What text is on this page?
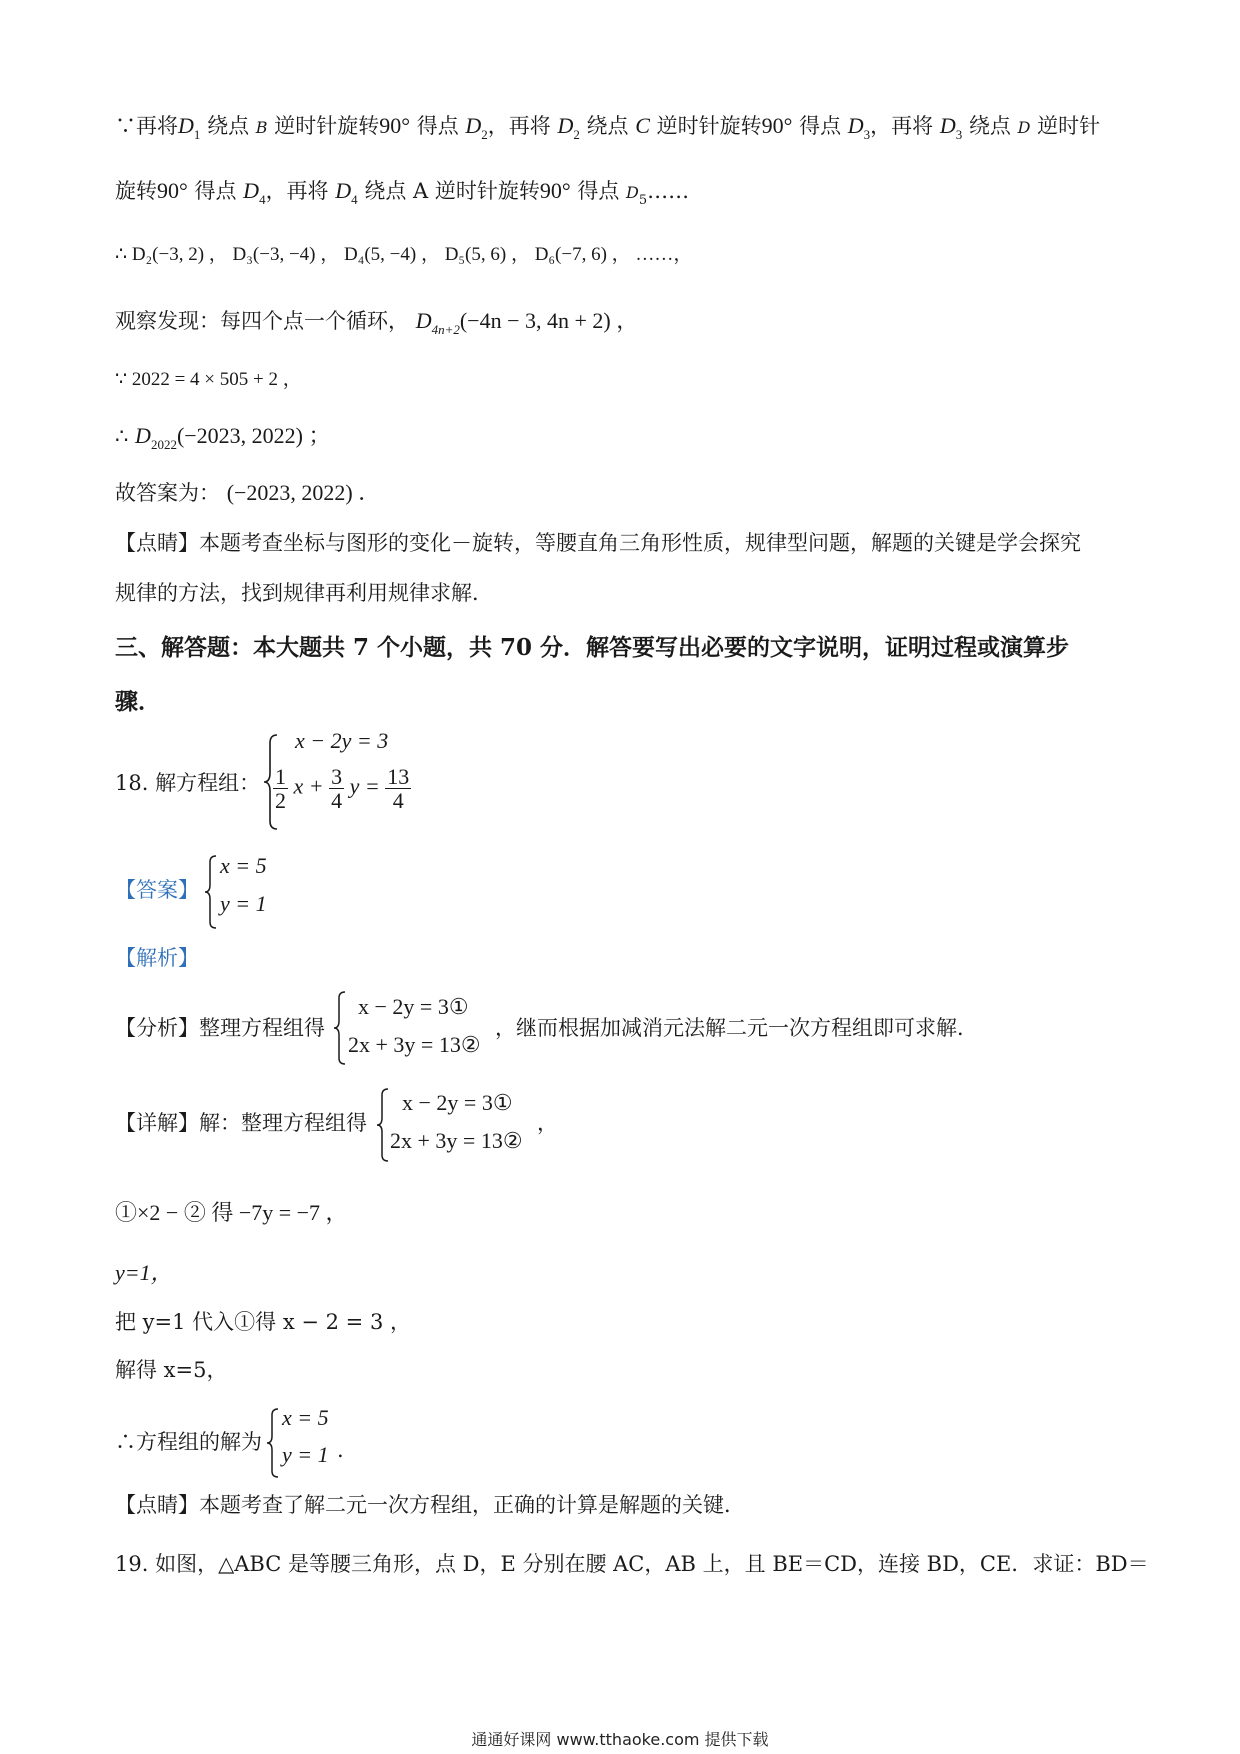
∵再将$D_1$ 绕点 B 逆时针旋转90° 得点 $D_2$，再将 $D_2$ 绕点 C 逆时针旋转90° 得点 $D_3$，再将 $D_3$ 绕点 D 逆时针
旋转90° 得点 $D_4$，再将 $D_4$ 绕点 A 逆时针旋转90° 得点 $D_5\dots\dots$
∴ D₂(−3, 2) ， D₃(−3, −4) ， D₄(5, −4) ， D₅(5, 6) ， D₆(−7, 6) ， ……，
观察发现：每四个点一个循环， $D_{4n+2}(-4n - 3$, 4n + 2) ，
∵ 2022 = 4 × 505 + 2 ，
∴ $D_{2022}(-2023$, 2022) ；
故答案为： (−2023, 2022) ．
【点睛】本题考查坐标与图形的变化－旋转，等腰直角三角形性质，规律型问题，解题的关键是学会探究
规律的方法，找到规律再利用规律求解．
三、解答题：本大题共 7 个小题，共 70 分．解答要写出必要的文字说明，证明过程或演算步
骤．
18. 解方程组：
x − 2y = 3
$\frac{1}{2}$ $x + \frac{3}{4}$ $y = \frac{13}{4}$
【答案】
x = 5
y = 1
【解析】
【分析】整理方程组得
x − 2y = 3①
2x + 3y = 13②
，继而根据加减消元法解二元一次方程组即可求解．
【详解】解：整理方程组得
x − 2y = 3①
2x + 3y = 13②
，
①×2 − ② 得 −7y = −7 ，
y=1，
把 y=1 代入①得 x − 2 = 3 ，
解得 x=5，
∴方程组的解为
x = 5
y = 1 .
【点睛】本题考查了解二元一次方程组，正确的计算是解题的关键．
19. 如图，△ABC 是等腰三角形，点 D，E 分别在腰 AC，AB 上，且 BE＝CD，连接 BD，CE．求证：BD＝
通通好课网 www.tthaoke.com 提供下载
